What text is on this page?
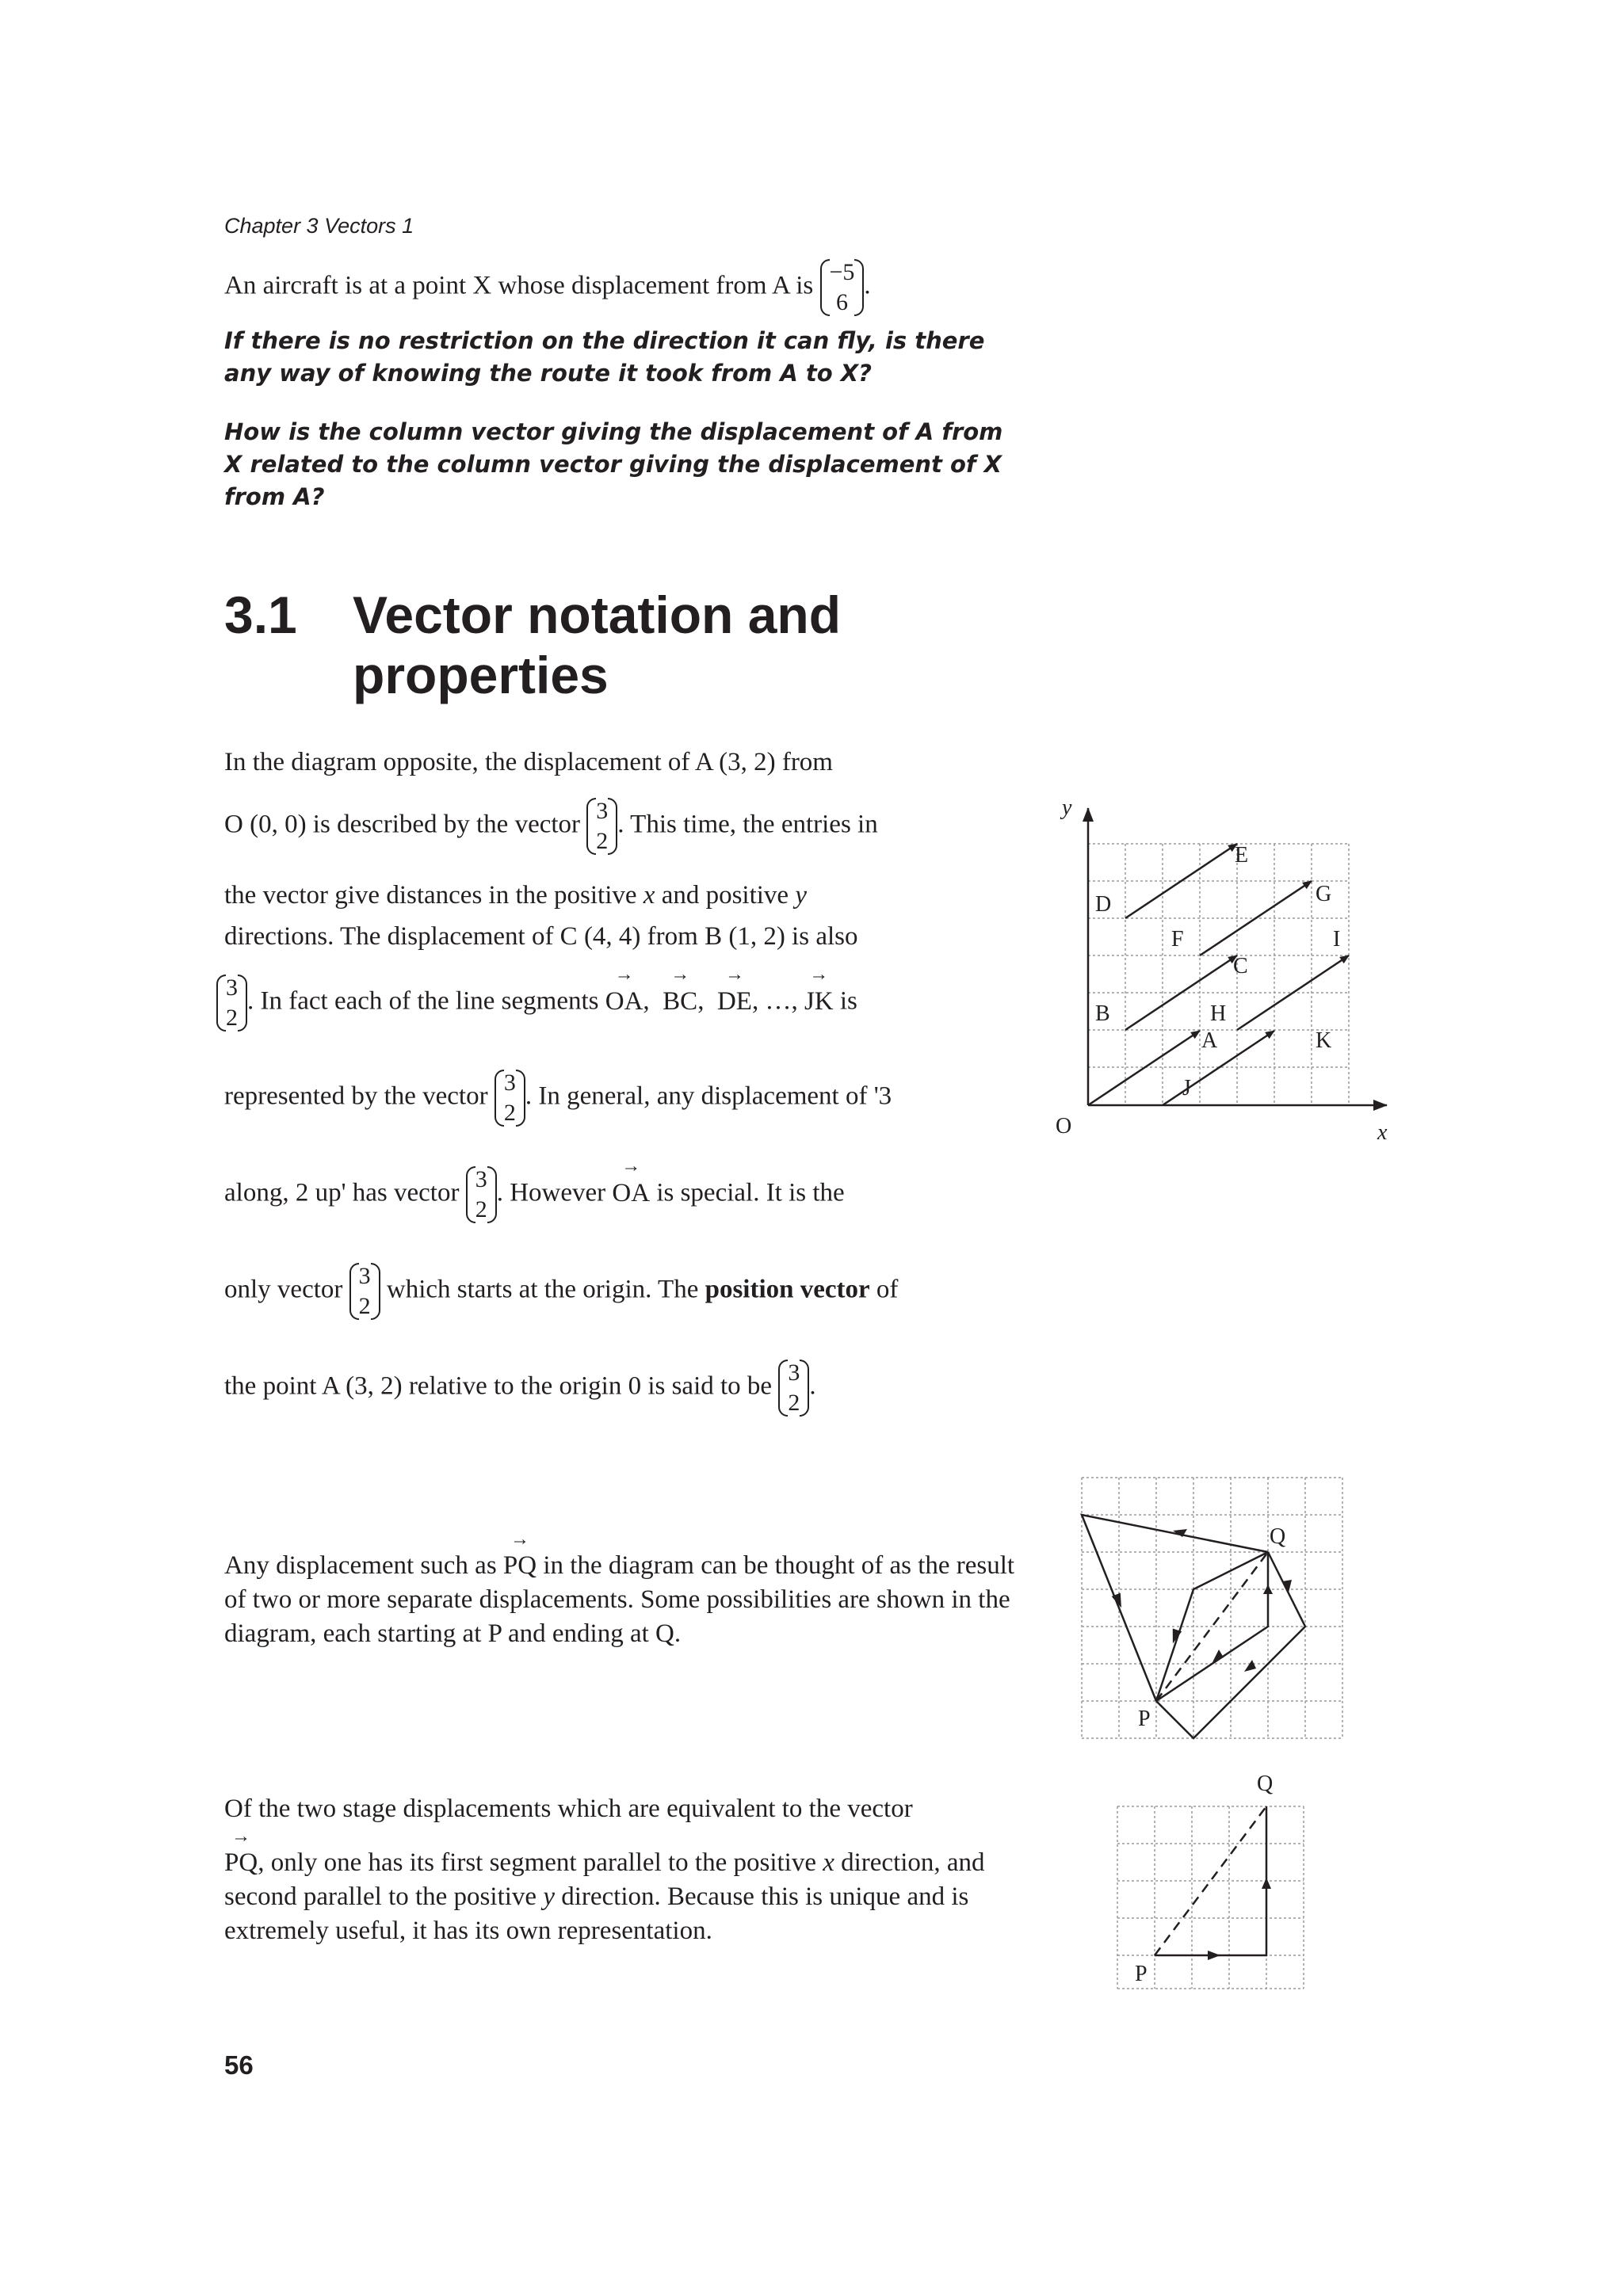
Chapter 3 Vectors 1
An aircraft is at a point X whose displacement from A is −5
6
.
If there is no restriction on the direction it can fly, is there any way of knowing the route it took from A to X?
How is the column vector giving the displacement of A from X related to the column vector giving the displacement of X from A?
3.1 Vector notation and properties
In the diagram opposite, the displacement of A (3, 2) from
O (0, 0) is described by the vector 3
2
. This time, the entries in
the vector give distances in the positive x and positive y
directions. The displacement of C (4, 4) from B (1, 2) is also
3
2
. In fact each of the line segments OA →,  BC →,  DE →, …, JK → is
represented by the vector 3
2
. In general, any displacement of '3
along, 2 up' has vector 3
2
. However OA → is special. It is the
only vector 3
2
which starts at the origin. The position vector of
the point A (3, 2) relative to the origin 0 is said to be 3
2
.
Any displacement such as PQ → in the diagram can be thought of as the result of two or more separate displacements. Some possibilities are shown in the diagram, each starting at P and ending at Q.
Of the two stage displacements which are equivalent to the vector

PQ →, only one has its first segment parallel to the positive x direction, and second parallel to the positive y direction. Because this is unique and is extremely useful, it has its own representation.
56
y
x
O
D
E
G
F	I
C
B	H
A	K
J
Q
P
Q
P
